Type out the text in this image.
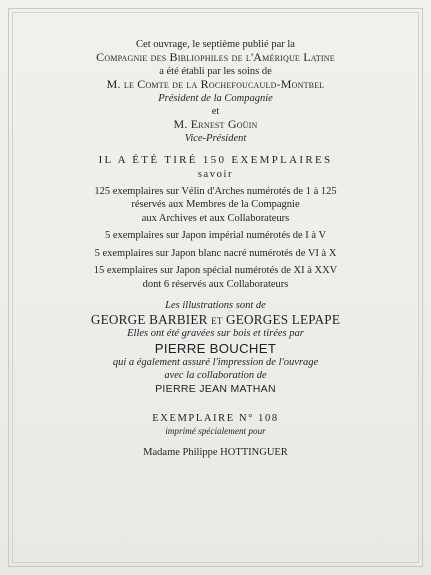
Cet ouvrage, le septième publié par la
Compagnie des Bibliophiles de l'Amérique Latine
a été établi par les soins de
M. le Comte de la Rochefoucauld-Montbel
Président de la Compagnie
et
M. Ernest Goüin
Vice-Président
IL A ÉTÉ TIRÉ 150 EXEMPLAIRES
savoir
125 exemplaires sur Vélin d'Arches numérotés de 1 à 125
réservés aux Membres de la Compagnie
aux Archives et aux Collaborateurs
5 exemplaires sur Japon impérial numérotés de I à V
5 exemplaires sur Japon blanc nacré numérotés de VI à X
15 exemplaires sur Japon spécial numérotés de XI à XXV
dont 6 réservés aux Collaborateurs
Les illustrations sont de
GEORGE BARBIER et GEORGES LEPAPE
Elles ont été gravées sur bois et tirées par
PIERRE BOUCHET
qui a également assuré l'impression de l'ouvrage
avec la collaboration de
PIERRE JEAN MATHAN
EXEMPLAIRE N° 108
imprimé spécialement pour
Madame Philippe HOTTINGUER
